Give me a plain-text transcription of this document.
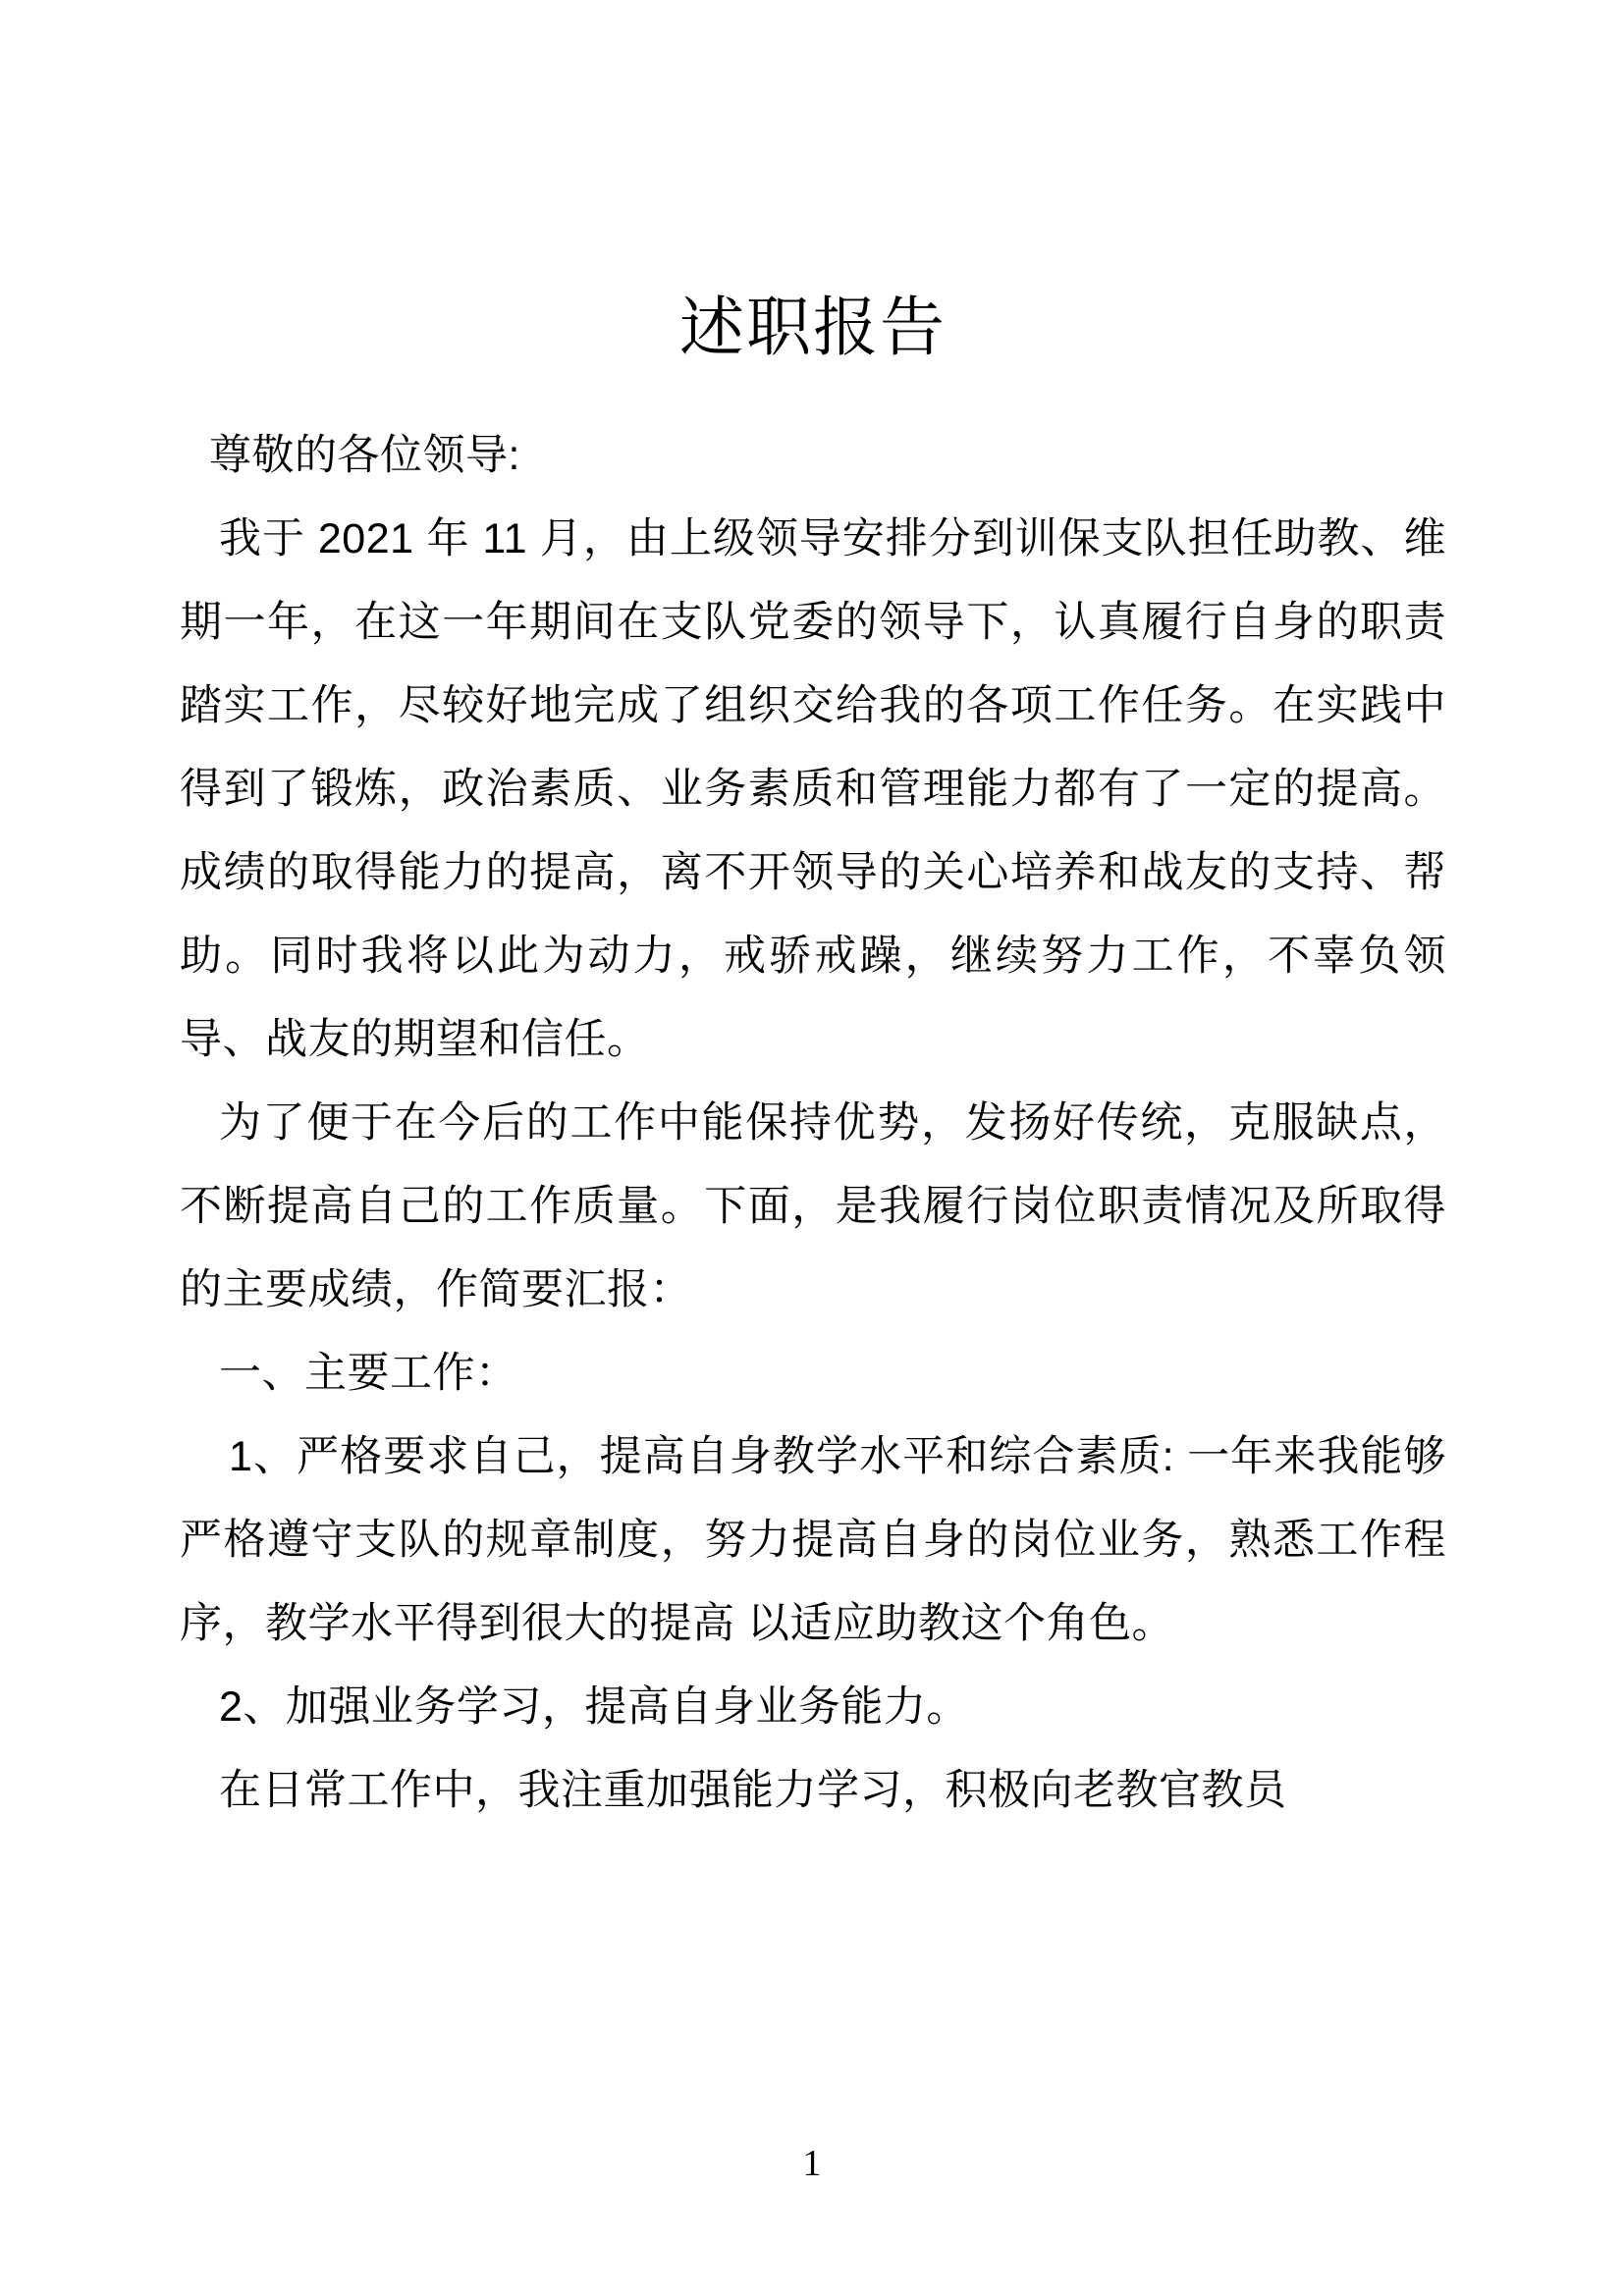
述职报告

尊敬的各位领导:

我于 2021 年 11 月，由上级领导安排分到训保支队担任助教、维期一年，在这一年期间在支队党委的领导下，认真履行自身的职责踏实工作，尽较好地完成了组织交给我的各项工作任务。在实践中得到了锻炼，政治素质、业务素质和管理能力都有了一定的提高。成绩的取得能力的提高，离不开领导的关心培养和战友的支持、帮助。同时我将以此为动力，戒骄戒躁，继续努力工作，不辜负领导、战友的期望和信任。

为了便于在今后的工作中能保持优势，发扬好传统，克服缺点，不断提高自己的工作质量。下面，是我履行岗位职责情况及所取得的主要成绩，作简要汇报：

一、主要工作：

1、严格要求自己，提高自身教学水平和综合素质: 一年来我能够严格遵守支队的规章制度，努力提高自身的岗位业务，熟悉工作程序，教学水平得到很大的提高 以适应助教这个角色。

2、加强业务学习，提高自身业务能力。

在日常工作中，我注重加强能力学习，积极向老教官教员

1
